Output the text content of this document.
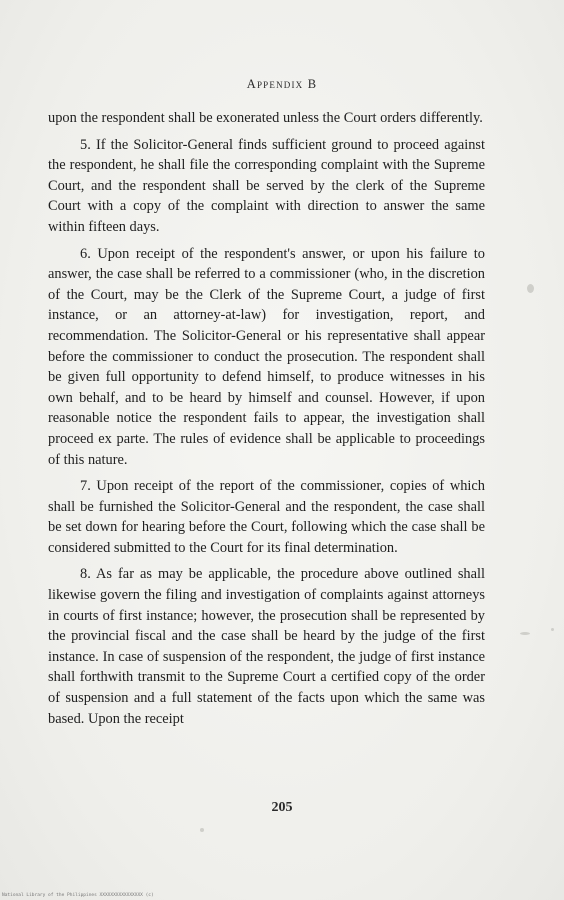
Appendix B

upon the respondent shall be exonerated unless the Court orders differently.

5. If the Solicitor-General finds sufficient ground to proceed against the respondent, he shall file the corresponding complaint with the Supreme Court, and the respondent shall be served by the clerk of the Supreme Court with a copy of the complaint with direction to answer the same within fifteen days.

6. Upon receipt of the respondent's answer, or upon his failure to answer, the case shall be referred to a commissioner (who, in the discretion of the Court, may be the Clerk of the Supreme Court, a judge of first instance, or an attorney-at-law) for investigation, report, and recommendation. The Solicitor-General or his representative shall appear before the commissioner to conduct the prosecution. The respondent shall be given full opportunity to defend himself, to produce witnesses in his own behalf, and to be heard by himself and counsel. However, if upon reasonable notice the respondent fails to appear, the investigation shall proceed ex parte. The rules of evidence shall be applicable to proceedings of this nature.

7. Upon receipt of the report of the commissioner, copies of which shall be furnished the Solicitor-General and the respondent, the case shall be set down for hearing before the Court, following which the case shall be considered submitted to the Court for its final determination.

8. As far as may be applicable, the procedure above outlined shall likewise govern the filing and investigation of complaints against attorneys in courts of first instance; however, the prosecution shall be represented by the provincial fiscal and the case shall be heard by the judge of the first instance. In case of suspension of the respondent, the judge of first instance shall forthwith transmit to the Supreme Court a certified copy of the order of suspension and a full statement of the facts upon which the same was based. Upon the receipt

205
National Library of the Philippines XXXXXXXXXXXXXXXX (c)
